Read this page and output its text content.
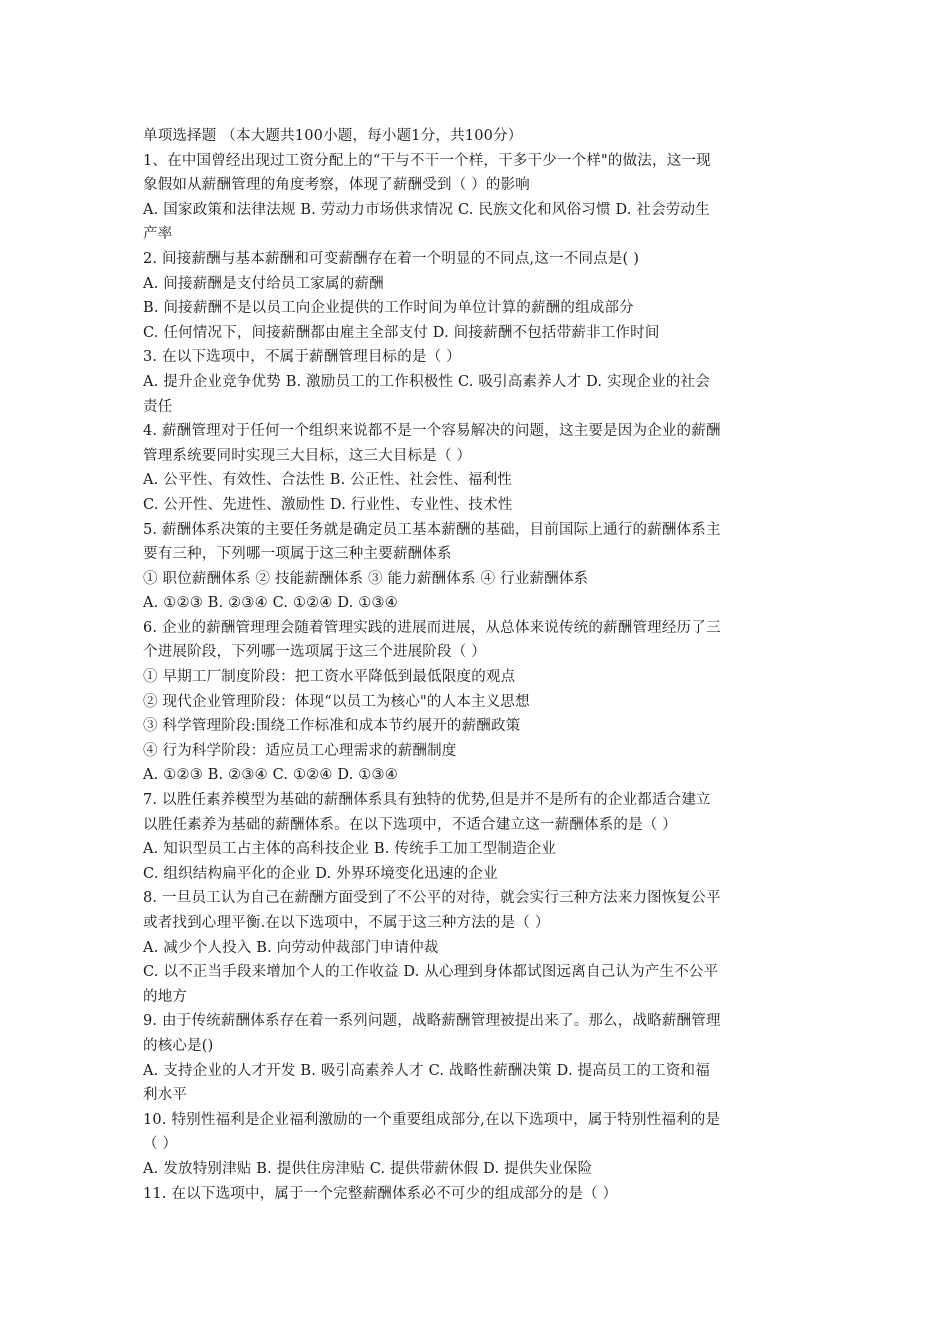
单项选择题 （本大题共100小题，每小题1分，共100分）
1、在中国曾经出现过工资分配上的“干与不干一个样，干多干少一个样"的做法，这一现
象假如从薪酬管理的角度考察，体现了薪酬受到（ ）的影响
A. 国家政策和法律法规 B. 劳动力市场供求情况 C. 民族文化和风俗习惯 D. 社会劳动生
产率
2. 间接薪酬与基本薪酬和可变薪酬存在着一个明显的不同点,这一不同点是( )
A. 间接薪酬是支付给员工家属的薪酬
B. 间接薪酬不是以员工向企业提供的工作时间为单位计算的薪酬的组成部分
C. 任何情况下，间接薪酬都由雇主全部支付 D. 间接薪酬不包括带薪非工作时间
3. 在以下选项中，不属于薪酬管理目标的是（ ）
A. 提升企业竞争优势 B. 激励员工的工作积极性 C. 吸引高素养人才 D. 实现企业的社会
责任
4. 薪酬管理对于任何一个组织来说都不是一个容易解决的问题，这主要是因为企业的薪酬
管理系统要同时实现三大目标，这三大目标是（ ）
A. 公平性、有效性、合法性 B. 公正性、社会性、福利性
C. 公开性、先进性、激励性 D. 行业性、专业性、技术性
5. 薪酬体系决策的主要任务就是确定员工基本薪酬的基础，目前国际上通行的薪酬体系主
要有三种，下列哪一项属于这三种主要薪酬体系
① 职位薪酬体系 ② 技能薪酬体系 ③ 能力薪酬体系 ④ 行业薪酬体系
A. ①②③ B. ②③④ C. ①②④ D. ①③④
6. 企业的薪酬管理理会随着管理实践的进展而进展，从总体来说传统的薪酬管理经历了三
个进展阶段，下列哪一选项属于这三个进展阶段（ ）
① 早期工厂制度阶段：把工资水平降低到最低限度的观点
② 现代企业管理阶段：体现“以员工为核心"的人本主义思想
③ 科学管理阶段:围绕工作标准和成本节约展开的薪酬政策
④ 行为科学阶段：适应员工心理需求的薪酬制度
A. ①②③ B. ②③④ C. ①②④ D. ①③④
7. 以胜任素养模型为基础的薪酬体系具有独特的优势,但是并不是所有的企业都适合建立
以胜任素养为基础的薪酬体系。在以下选项中，不适合建立这一薪酬体系的是（ ）
A. 知识型员工占主体的高科技企业 B. 传统手工加工型制造企业
C. 组织结构扁平化的企业 D. 外界环境变化迅速的企业
8. 一旦员工认为自己在薪酬方面受到了不公平的对待，就会实行三种方法来力图恢复公平
或者找到心理平衡.在以下选项中，不属于这三种方法的是（ ）
A. 减少个人投入 B. 向劳动仲裁部门申请仲裁
C. 以不正当手段来增加个人的工作收益 D. 从心理到身体都试图远离自己认为产生不公平
的地方
9. 由于传统薪酬体系存在着一系列问题，战略薪酬管理被提出来了。那么，战略薪酬管理
的核心是()
A. 支持企业的人才开发 B. 吸引高素养人才 C. 战略性薪酬决策 D. 提高员工的工资和福
利水平
10. 特别性福利是企业福利激励的一个重要组成部分,在以下选项中，属于特别性福利的是
（ ）
A. 发放特别津贴 B. 提供住房津贴 C. 提供带薪休假 D. 提供失业保险
11. 在以下选项中，属于一个完整薪酬体系必不可少的组成部分的是（ ）
